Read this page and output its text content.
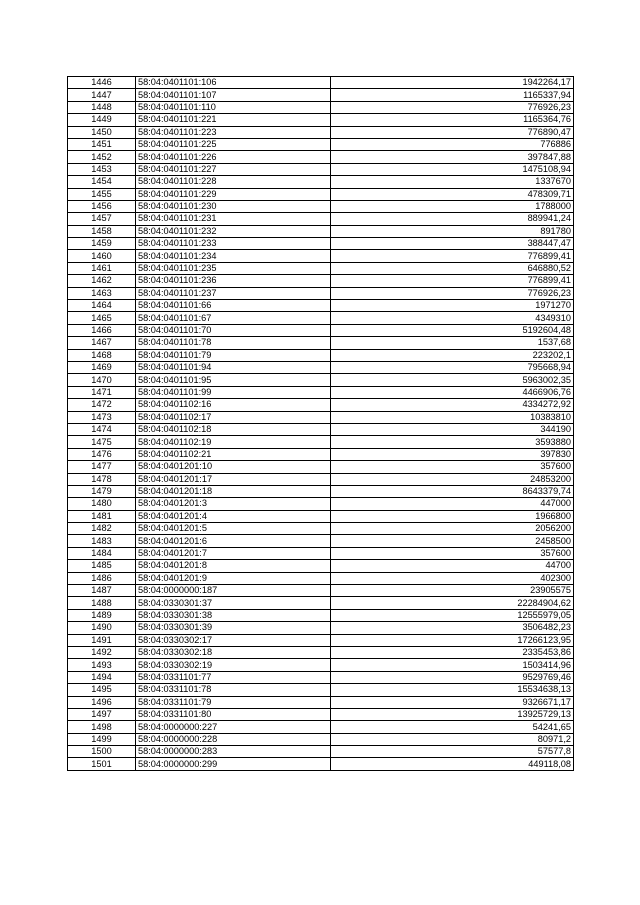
1446	58:04:0401101:106	1942264,17
1447	58:04:0401101:107	1165337,94
1448	58:04:0401101:110	776926,23
1449	58:04:0401101:221	1165364,76
1450	58:04:0401101:223	776890,47
1451	58:04:0401101:225	776886
1452	58:04:0401101:226	397847,88
1453	58:04:0401101:227	1475108,94
1454	58:04:0401101:228	1337670
1455	58:04:0401101:229	478309,71
1456	58:04:0401101:230	1788000
1457	58:04:0401101:231	889941,24
1458	58:04:0401101:232	891780
1459	58:04:0401101:233	388447,47
1460	58:04:0401101:234	776899,41
1461	58:04:0401101:235	646880,52
1462	58:04:0401101:236	776899,41
1463	58:04:0401101:237	776926,23
1464	58:04:0401101:66	1971270
1465	58:04:0401101:67	4349310
1466	58:04:0401101:70	5192604,48
1467	58:04:0401101:78	1537,68
1468	58:04:0401101:79	223202,1
1469	58:04:0401101:94	795668,94
1470	58:04:0401101:95	5963002,35
1471	58:04:0401101:99	4466906,76
1472	58:04:0401102:16	4334272,92
1473	58:04:0401102:17	10383810
1474	58:04:0401102:18	344190
1475	58:04:0401102:19	3593880
1476	58:04:0401102:21	397830
1477	58:04:0401201:10	357600
1478	58:04:0401201:17	24853200
1479	58:04:0401201:18	8643379,74
1480	58:04:0401201:3	447000
1481	58:04:0401201:4	1966800
1482	58:04:0401201:5	2056200
1483	58:04:0401201:6	2458500
1484	58:04:0401201:7	357600
1485	58:04:0401201:8	44700
1486	58:04:0401201:9	402300
1487	58:04:0000000:187	23905575
1488	58:04:0330301:37	22284904,62
1489	58:04:0330301:38	12555979,05
1490	58:04:0330301:39	3506482,23
1491	58:04:0330302:17	17266123,95
1492	58:04:0330302:18	2335453,86
1493	58:04:0330302:19	1503414,96
1494	58:04:0331101:77	9529769,46
1495	58:04:0331101:78	15534638,13
1496	58:04:0331101:79	9326671,17
1497	58:04:0331101:80	13925729,13
1498	58:04:0000000:227	54241,65
1499	58:04:0000000:228	80971,2
1500	58:04:0000000:283	57577,8
1501	58:04:0000000:299	449118,08
